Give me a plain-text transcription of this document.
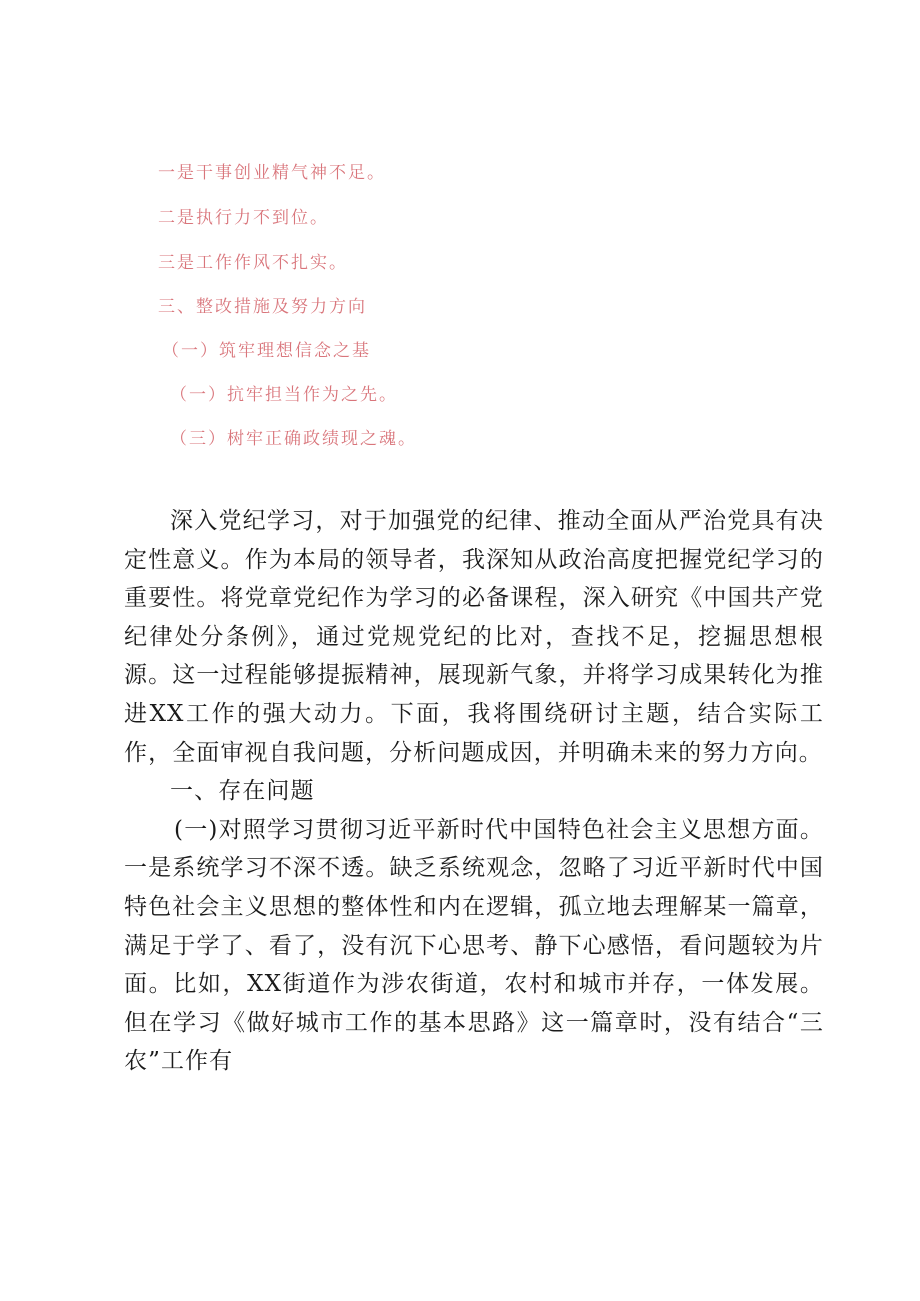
一是干事创业精气神不足。
二是执行力不到位。
三是工作作风不扎实。
三、整改措施及努力方向
（一）筑牢理想信念之基
（一）抗牢担当作为之先。
（三）树牢正确政绩现之魂。

深入党纪学习，对于加强党的纪律、推动全面从严治党具有决定性意义。作为本局的领导者，我深知从政治高度把握党纪学习的重要性。将党章党纪作为学习的必备课程，深入研究《中国共产党纪律处分条例》，通过党规党纪的比对，查找不足，挖掘思想根源。这一过程能够提振精神，展现新气象，并将学习成果转化为推进XX工作的强大动力。下面，我将围绕研讨主题，结合实际工作，全面审视自我问题，分析问题成因，并明确未来的努力方向。

一、存在问题

(一)对照学习贯彻习近平新时代中国特色社会主义思想方面。一是系统学习不深不透。缺乏系统观念，忽略了习近平新时代中国特色社会主义思想的整体性和内在逻辑，孤立地去理解某一篇章，满足于学了、看了，没有沉下心思考、静下心感悟，看问题较为片面。比如，XX街道作为涉农街道，农村和城市并存，一体发展。但在学习《做好城市工作的基本思路》这一篇章时，没有结合“三农”工作有
